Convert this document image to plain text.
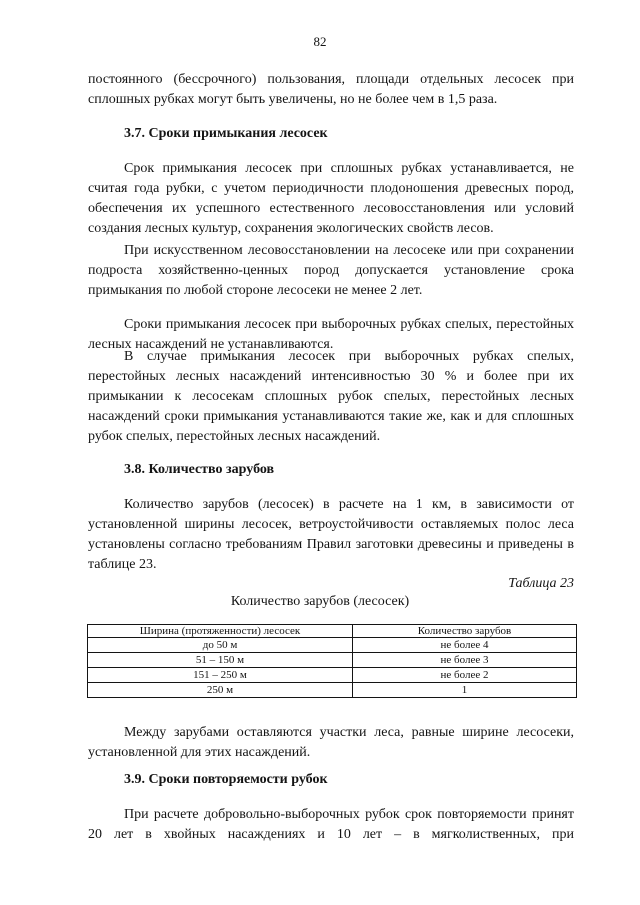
82

постоянного (бессрочного) пользования, площади отдельных лесосек при сплошных рубках могут быть увеличены, но не более чем в 1,5 раза.

3.7. Сроки примыкания лесосек

Срок примыкания лесосек при сплошных рубках устанавливается, не считая года рубки, с учетом периодичности плодоношения древесных пород, обеспечения их успешного естественного лесовосстановления или условий создания лесных культур, сохранения экологических свойств лесов.

При искусственном лесовосстановлении на лесосеке или при сохранении подроста хозяйственно-ценных пород допускается установление срока примыкания по любой стороне лесосеки не менее 2 лет.

Сроки примыкания лесосек при выборочных рубках спелых, перестойных лесных насаждений не устанавливаются.

В случае примыкания лесосек при выборочных рубках спелых, перестойных лесных насаждений интенсивностью 30 % и более при их примыкании к лесосекам сплошных рубок спелых, перестойных лесных насаждений сроки примыкания устанавливаются такие же, как и для сплошных рубок спелых, перестойных лесных насаждений.

3.8. Количество зарубов

Количество зарубов (лесосек) в расчете на 1 км, в зависимости от установленной ширины лесосек, ветроустойчивости оставляемых полос леса установлены согласно требованиям Правил заготовки древесины и приведены в таблице 23.

Таблица 23
Количество зарубов (лесосек)
Ширина (протяженности) лесосек	Количество зарубов
до 50 м	не более 4
51 – 150 м	не более 3
151 – 250 м	не более 2
250 м	1

Между зарубами оставляются участки леса, равные ширине лесосеки, установленной для этих насаждений.

3.9. Сроки повторяемости рубок

При расчете добровольно-выборочных рубок срок повторяемости принят 20 лет в хвойных насаждениях и 10 лет – в мягколиственных, при
